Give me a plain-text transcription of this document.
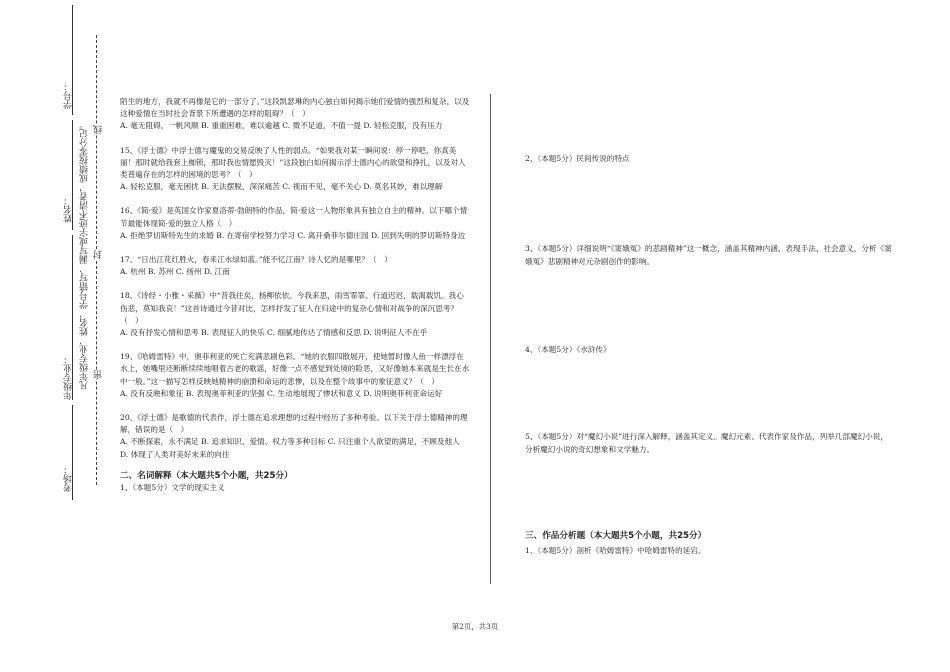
学号：
姓名：
年级专业：
考场：
凡年级专业、姓名、学号错写、漏写或字迹不清者，成绩按零分记。 线
封
密

陌生的地方，我就不再像是它的一部分了。”这段凯瑟琳的内心独白如何揭示她们爱情的强烈和复杂，以及这种爱情在当时社会背景下所遭遇的怎样的阻碍？（　）

A. 毫无阻碍，一帆风顺 B. 重重困难，难以逾越 C. 微不足道，不值一提 D. 轻松克服，没有压力

15、《浮士德》中浮士德与魔鬼的交易反映了人性的弱点。“如果我对某一瞬间说：停一停吧，你真美丽！那时就给我套上枷锁，那时我也情愿毁灭！”这段独白如何揭示浮士德内心的欲望和挣扎，以及对人类普遍存在的怎样的困境的思考？（　）

A. 轻松克服，毫无困扰 B. 无法摆脱，深深痛苦 C. 视而不见，毫不关心 D. 莫名其妙，难以理解

16、《简·爱》是英国女作家夏洛蒂·勃朗特的作品，简·爱这一人物形象具有独立自主的精神。以下哪个情节最能体现简·爱的独立人格（　）

A. 拒绝罗切斯特先生的求婚 B. 在寄宿学校努力学习 C. 离开桑菲尔德庄园 D. 回到失明的罗切斯特身边

17、“日出江花红胜火，春来江水绿如蓝。”能不忆江南？诗人忆的是哪里？（　）

A. 杭州 B. 苏州 C. 扬州 D. 江南

18、《诗经・小雅・采薇》中“昔我往矣，杨柳依依。今我来思，雨雪霏霏。行道迟迟，载渴载饥。我心伤悲，莫知我哀！”这首诗通过今昔对比，怎样抒发了征人在归途中的复杂心情和对战争的深沉思考？（　）

A. 没有抒发心情和思考 B. 表现征人的快乐 C. 细腻地传达了情感和反思 D. 说明征人不在乎

19、《哈姆雷特》中，奥菲利亚的死亡充满悲剧色彩。“她的衣服四散展开，使她暂时像人鱼一样漂浮在水上，她嘴里还断断续续地唱着古老的歌谣，好像一点不感觉到处境的险恶，又好像她本来就是生长在水中一般。”这一描写怎样反映她精神的崩溃和命运的悲惨，以及在整个故事中的象征意义？（　）

A. 没有反映和象征 B. 表现奥菲利亚的坚强 C. 生动地展现了惨状和意义 D. 说明奥菲利亚命运好

20、《浮士德》是歌德的代表作，浮士德在追求理想的过程中经历了多种考验。以下关于浮士德精神的理解，错误的是（　）

A. 不断探索，永不满足 B. 追求知识、爱情、权力等多种目标 C. 只注重个人欲望的满足，不顾及他人 D. 体现了人类对美好未来的向往

二、名词解释（本大题共5个小题，共25分）

1、（本题5分）文学的现实主义

2、（本题5分）民间传说的特点
3、（本题5分）详细说明“《窦娥冤》的悲剧精神”这一概念，涵盖其精神内涵、表现手法、社会意义，分析《窦娥冤》悲剧精神对元杂剧创作的影响。
4、（本题5分）《水浒传》
5、（本题5分）对“魔幻小说”进行深入解释，涵盖其定义、魔幻元素、代表作家及作品，列举几部魔幻小说，分析魔幻小说的奇幻想象和文学魅力。
三、作品分析题（本大题共5个小题，共25分）
1、（本题5分）剖析《哈姆雷特》中哈姆雷特的延宕。
第2页，共3页
